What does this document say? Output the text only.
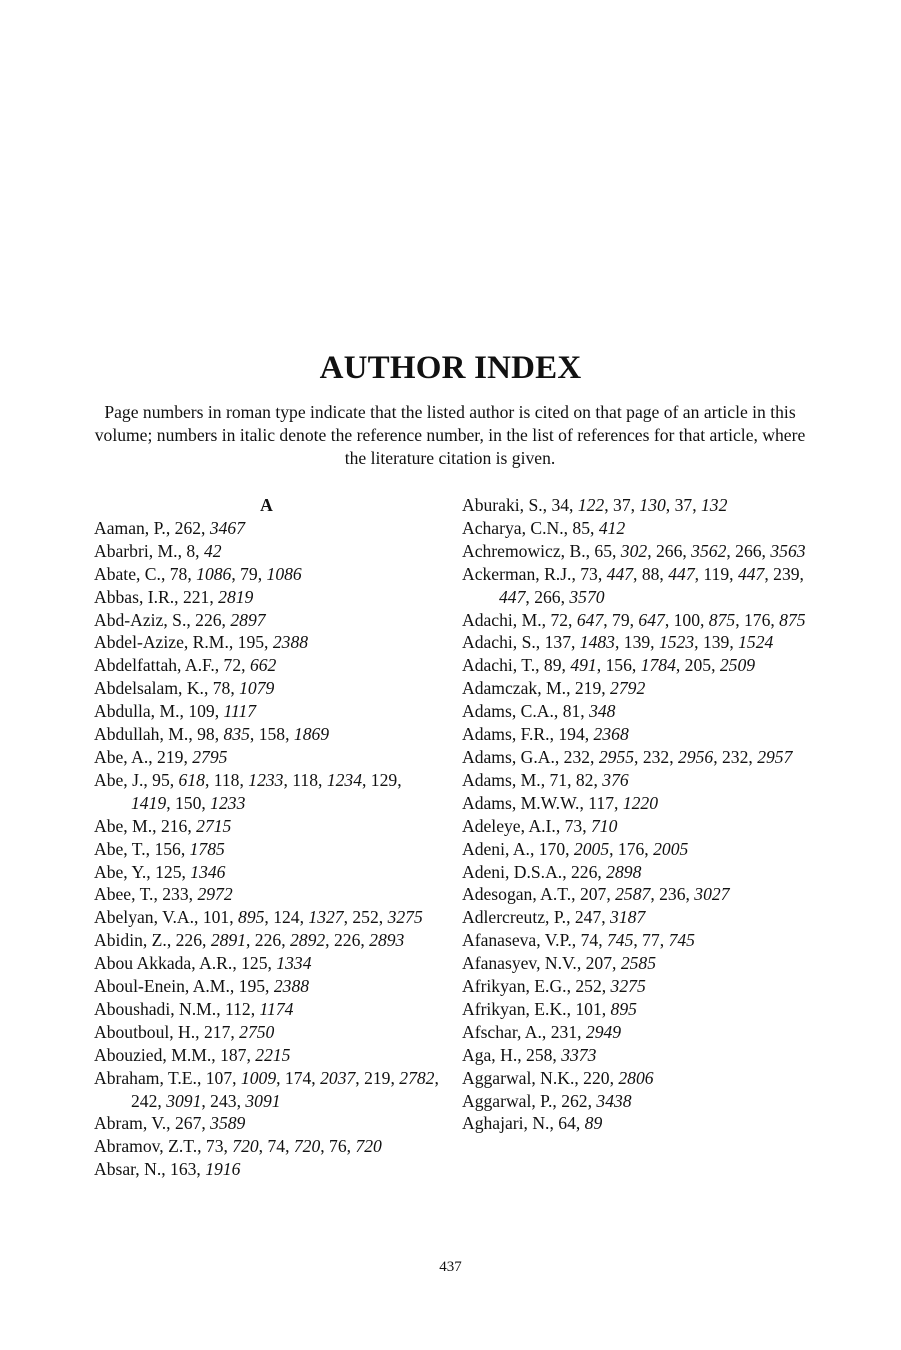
AUTHOR INDEX

Page numbers in roman type indicate that the listed author is cited on that page of an article in this volume; numbers in italic denote the reference number, in the list of references for that article, where the literature citation is given.

A
Aaman, P., 262, 3467
Abarbri, M., 8, 42
Abate, C., 78, 1086, 79, 1086
Abbas, I.R., 221, 2819
Abd-Aziz, S., 226, 2897
Abdel-Azize, R.M., 195, 2388
Abdelfattah, A.F., 72, 662
Abdelsalam, K., 78, 1079
Abdulla, M., 109, 1117
Abdullah, M., 98, 835, 158, 1869
Abe, A., 219, 2795
Abe, J., 95, 618, 118, 1233, 118, 1234, 129, 1419, 150, 1233
Abe, M., 216, 2715
Abe, T., 156, 1785
Abe, Y., 125, 1346
Abee, T., 233, 2972
Abelyan, V.A., 101, 895, 124, 1327, 252, 3275
Abidin, Z., 226, 2891, 226, 2892, 226, 2893
Abou Akkada, A.R., 125, 1334
Aboul-Enein, A.M., 195, 2388
Aboushadi, N.M., 112, 1174
Aboutboul, H., 217, 2750
Abouzied, M.M., 187, 2215
Abraham, T.E., 107, 1009, 174, 2037, 219, 2782, 242, 3091, 243, 3091
Abram, V., 267, 3589
Abramov, Z.T., 73, 720, 74, 720, 76, 720
Absar, N., 163, 1916
Aburaki, S., 34, 122, 37, 130, 37, 132
Acharya, C.N., 85, 412
Achremowicz, B., 65, 302, 266, 3562, 266, 3563
Ackerman, R.J., 73, 447, 88, 447, 119, 447, 239, 447, 266, 3570
Adachi, M., 72, 647, 79, 647, 100, 875, 176, 875
Adachi, S., 137, 1483, 139, 1523, 139, 1524
Adachi, T., 89, 491, 156, 1784, 205, 2509
Adamczak, M., 219, 2792
Adams, C.A., 81, 348
Adams, F.R., 194, 2368
Adams, G.A., 232, 2955, 232, 2956, 232, 2957
Adams, M., 71, 82, 376
Adams, M.W.W., 117, 1220
Adeleye, A.I., 73, 710
Adeni, A., 170, 2005, 176, 2005
Adeni, D.S.A., 226, 2898
Adesogan, A.T., 207, 2587, 236, 3027
Adlercreutz, P., 247, 3187
Afanaseva, V.P., 74, 745, 77, 745
Afanasyev, N.V., 207, 2585
Afrikyan, E.G., 252, 3275
Afrikyan, E.K., 101, 895
Afschar, A., 231, 2949
Aga, H., 258, 3373
Aggarwal, N.K., 220, 2806
Aggarwal, P., 262, 3438
Aghajari, N., 64, 89
437
